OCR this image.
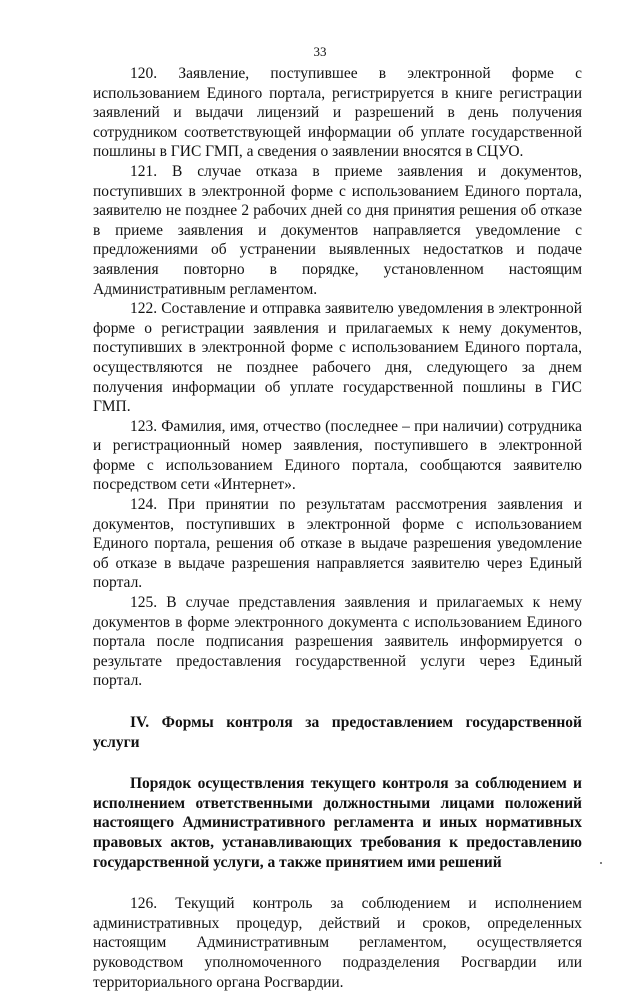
33

120. Заявление, поступившее в электронной форме с использованием Единого портала, регистрируется в книге регистрации заявлений и выдачи лицензий и разрешений в день получения сотрудником соответствующей информации об уплате государственной пошлины в ГИС ГМП, а сведения о заявлении вносятся в СЦУО.

121. В случае отказа в приеме заявления и документов, поступивших в электронной форме с использованием Единого портала, заявителю не позднее 2 рабочих дней со дня принятия решения об отказе в приеме заявления и документов направляется уведомление с предложениями об устранении выявленных недостатков и подаче заявления повторно в порядке, установленном настоящим Административным регламентом.

122. Составление и отправка заявителю уведомления в электронной форме о регистрации заявления и прилагаемых к нему документов, поступивших в электронной форме с использованием Единого портала, осуществляются не позднее рабочего дня, следующего за днем получения информации об уплате государственной пошлины в ГИС ГМП.

123. Фамилия, имя, отчество (последнее – при наличии) сотрудника и регистрационный номер заявления, поступившего в электронной форме с использованием Единого портала, сообщаются заявителю посредством сети «Интернет».

124. При принятии по результатам рассмотрения заявления и документов, поступивших в электронной форме с использованием Единого портала, решения об отказе в выдаче разрешения уведомление об отказе в выдаче разрешения направляется заявителю через Единый портал.

125. В случае представления заявления и прилагаемых к нему документов в форме электронного документа с использованием Единого портала после подписания разрешения заявитель информируется о результате предоставления государственной услуги через Единый портал.

IV. Формы контроля за предоставлением государственной услуги

Порядок осуществления текущего контроля за соблюдением и исполнением ответственными должностными лицами положений настоящего Административного регламента и иных нормативных правовых актов, устанавливающих требования к предоставлению государственной услуги, а также принятием ими решений

126. Текущий контроль за соблюдением и исполнением административных процедур, действий и сроков, определенных настоящим Административным регламентом, осуществляется руководством уполномоченного подразделения Росгвардии или территориального органа Росгвардии.
